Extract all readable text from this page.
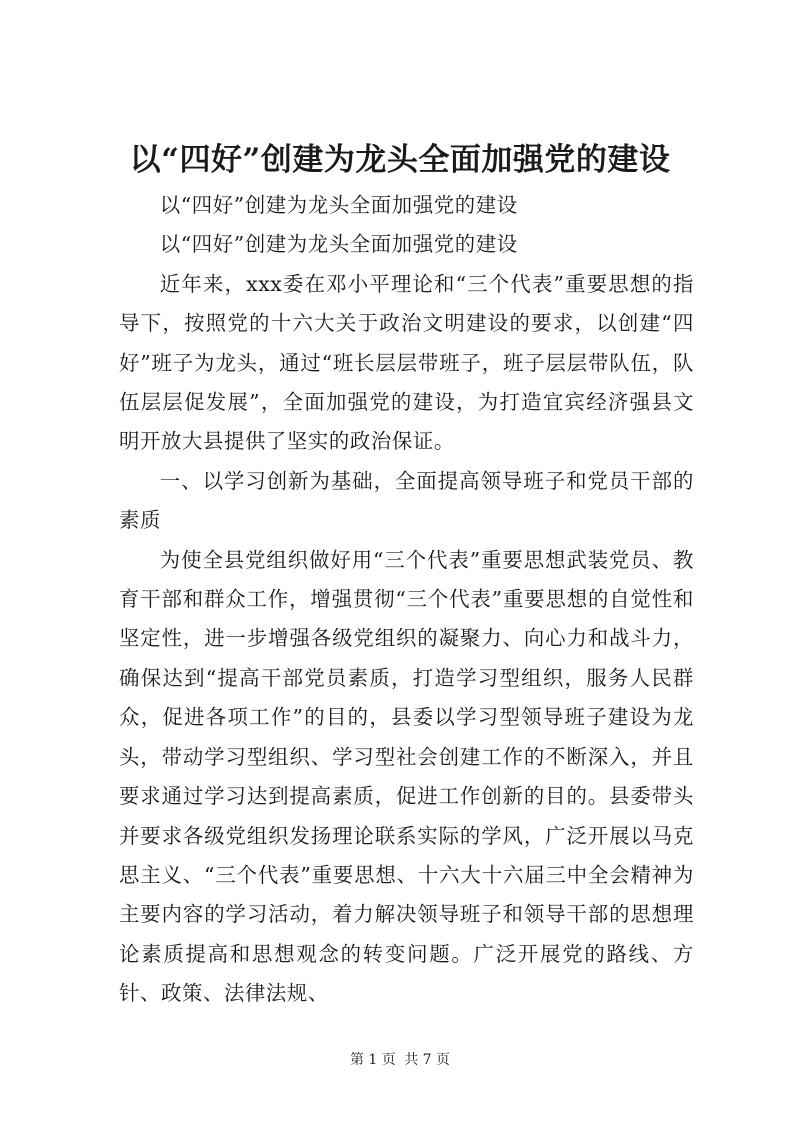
以“四好”创建为龙头全面加强党的建设

以“四好”创建为龙头全面加强党的建设

以“四好”创建为龙头全面加强党的建设

近年来，xxx委在邓小平理论和“三个代表”重要思想的指导下，按照党的十六大关于政治文明建设的要求，以创建“四好”班子为龙头，通过“班长层层带班子，班子层层带队伍，队伍层层促发展”，全面加强党的建设，为打造宜宾经济强县文明开放大县提供了坚实的政治保证。

一、以学习创新为基础，全面提高领导班子和党员干部的素质

为使全县党组织做好用“三个代表”重要思想武装党员、教育干部和群众工作，增强贯彻“三个代表”重要思想的自觉性和坚定性，进一步增强各级党组织的凝聚力、向心力和战斗力，确保达到“提高干部党员素质，打造学习型组织，服务人民群众，促进各项工作”的目的，县委以学习型领导班子建设为龙头，带动学习型组织、学习型社会创建工作的不断深入，并且要求通过学习达到提高素质，促进工作创新的目的。县委带头并要求各级党组织发扬理论联系实际的学风，广泛开展以马克思主义、“三个代表”重要思想、十六大十六届三中全会精神为主要内容的学习活动，着力解决领导班子和领导干部的思想理论素质提高和思想观念的转变问题。广泛开展党的路线、方针、政策、法律法规、

第 1 页 共 7 页
